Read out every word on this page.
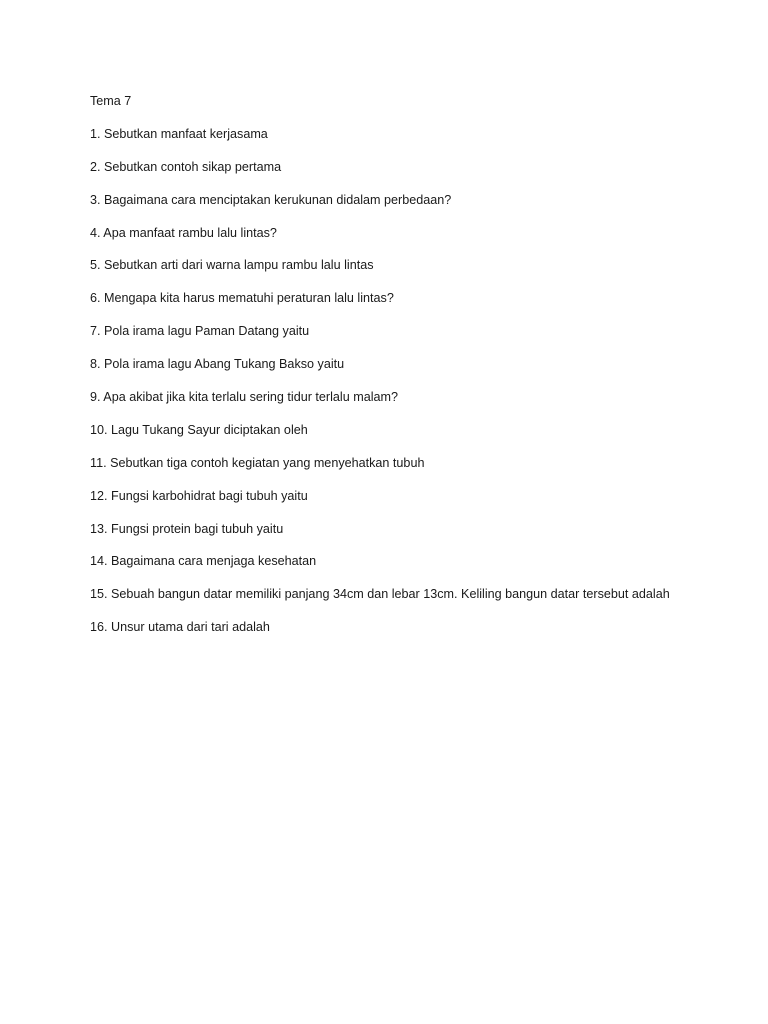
Tema 7
1. Sebutkan manfaat kerjasama
2. Sebutkan contoh sikap pertama
3. Bagaimana cara menciptakan kerukunan didalam perbedaan?
4. Apa manfaat rambu lalu lintas?
5. Sebutkan arti dari warna lampu rambu lalu lintas
6. Mengapa kita harus mematuhi peraturan lalu lintas?
7. Pola irama lagu Paman Datang yaitu
8. Pola irama lagu Abang Tukang Bakso yaitu
9. Apa akibat jika kita terlalu sering tidur terlalu malam?
10. Lagu Tukang Sayur diciptakan oleh
11. Sebutkan tiga contoh kegiatan yang menyehatkan tubuh
12. Fungsi karbohidrat bagi tubuh yaitu
13. Fungsi protein bagi tubuh yaitu
14. Bagaimana cara menjaga kesehatan
15. Sebuah bangun datar memiliki panjang 34cm dan lebar 13cm. Keliling bangun datar tersebut adalah
16. Unsur utama dari tari adalah
